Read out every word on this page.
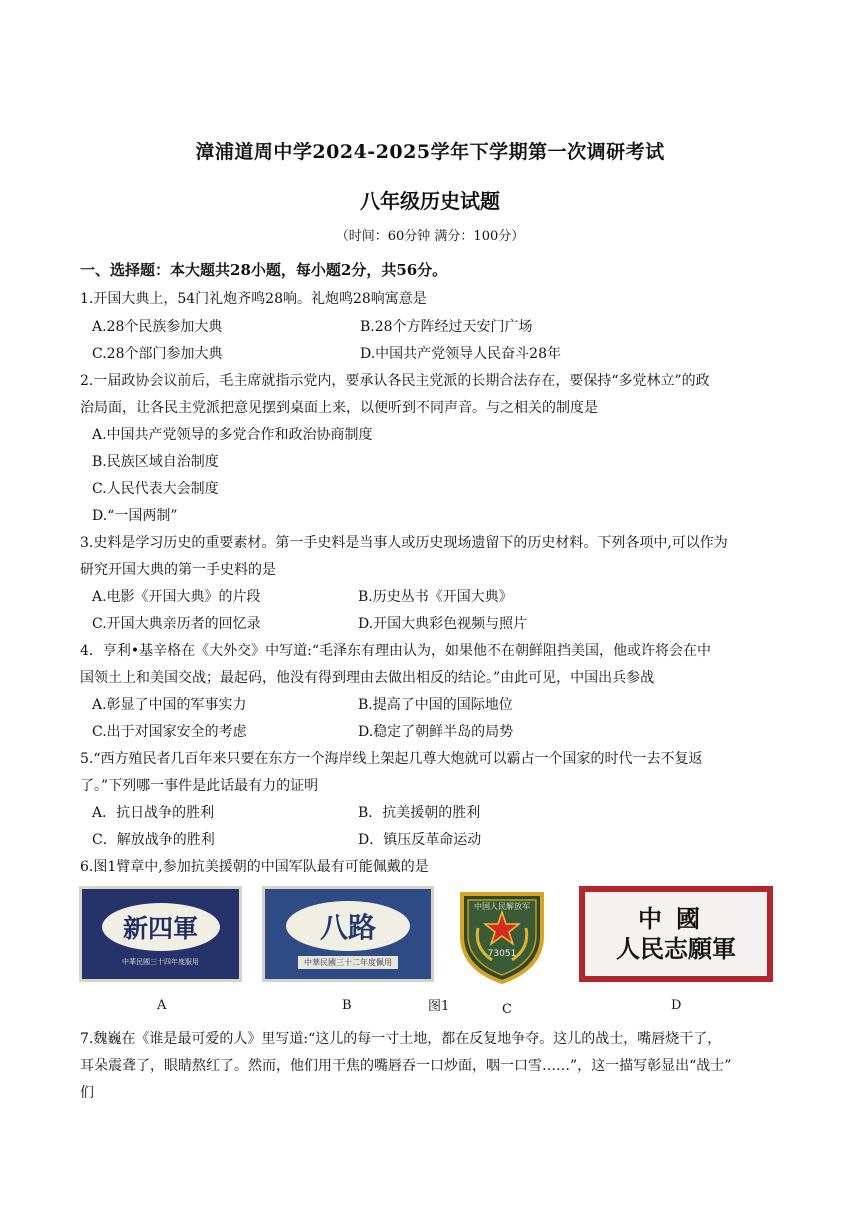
漳浦道周中学2024-2025学年下学期第一次调研考试
八年级历史试题
（时间：60分钟 满分：100分）
一、选择题：本大题共28小题，每小题2分，共56分。
1.开国大典上，54门礼炮齐鸣28响。礼炮鸣28响寓意是
A.28个民族参加大典	B.28个方阵经过天安门广场
C.28个部门参加大典	D.中国共产党领导人民奋斗28年
2.一届政协会议前后，毛主席就指示党内，要承认各民主党派的长期合法存在，要保持“多党林立”的政
治局面，让各民主党派把意见摆到桌面上来，以便听到不同声音。与之相关的制度是
A.中国共产党领导的多党合作和政治协商制度
B.民族区域自治制度
C.人民代表大会制度
D.“一国两制”
3.史料是学习历史的重要素材。第一手史料是当事人或历史现场遗留下的历史材料。下列各项中,可以作为
研究开国大典的第一手史料的是
A.电影《开国大典》的片段	B.历史丛书《开国大典》
C.开国大典亲历者的回忆录	D.开国大典彩色视频与照片
4．亨利•基辛格在《大外交》中写道:“毛泽东有理由认为，如果他不在朝鲜阻挡美国，他或许将会在中
国领土上和美国交战；最起码，他没有得到理由去做出相反的结论。”由此可见，中国出兵参战
A.彰显了中国的军事实力	B.提高了中国的国际地位
C.出于对国家安全的考虑	D.稳定了朝鲜半岛的局势
5.“西方殖民者几百年来只要在东方一个海岸线上架起几尊大炮就可以霸占一个国家的时代一去不复返
了。”下列哪一事件是此话最有力的证明
A．抗日战争的胜利	B．抗美援朝的胜利
C．解放战争的胜利	D．镇压反革命运动
6.图1臂章中,参加抗美援朝的中国军队最有可能佩戴的是
新四軍
中華民國三十四年度服用
八路
中華民國三十二年度佩用
中国人民解放军
73051
中國
人民志願軍
A	B	图1	C	D
7.魏巍在《谁是最可爱的人》里写道:“这儿的每一寸土地，都在反复地争夺。这儿的战士，嘴唇烧干了，
耳朵震聋了，眼睛熬红了。然而，他们用干焦的嘴唇吞一口炒面，咽一口雪……”，这一描写彰显出“战士”
们
